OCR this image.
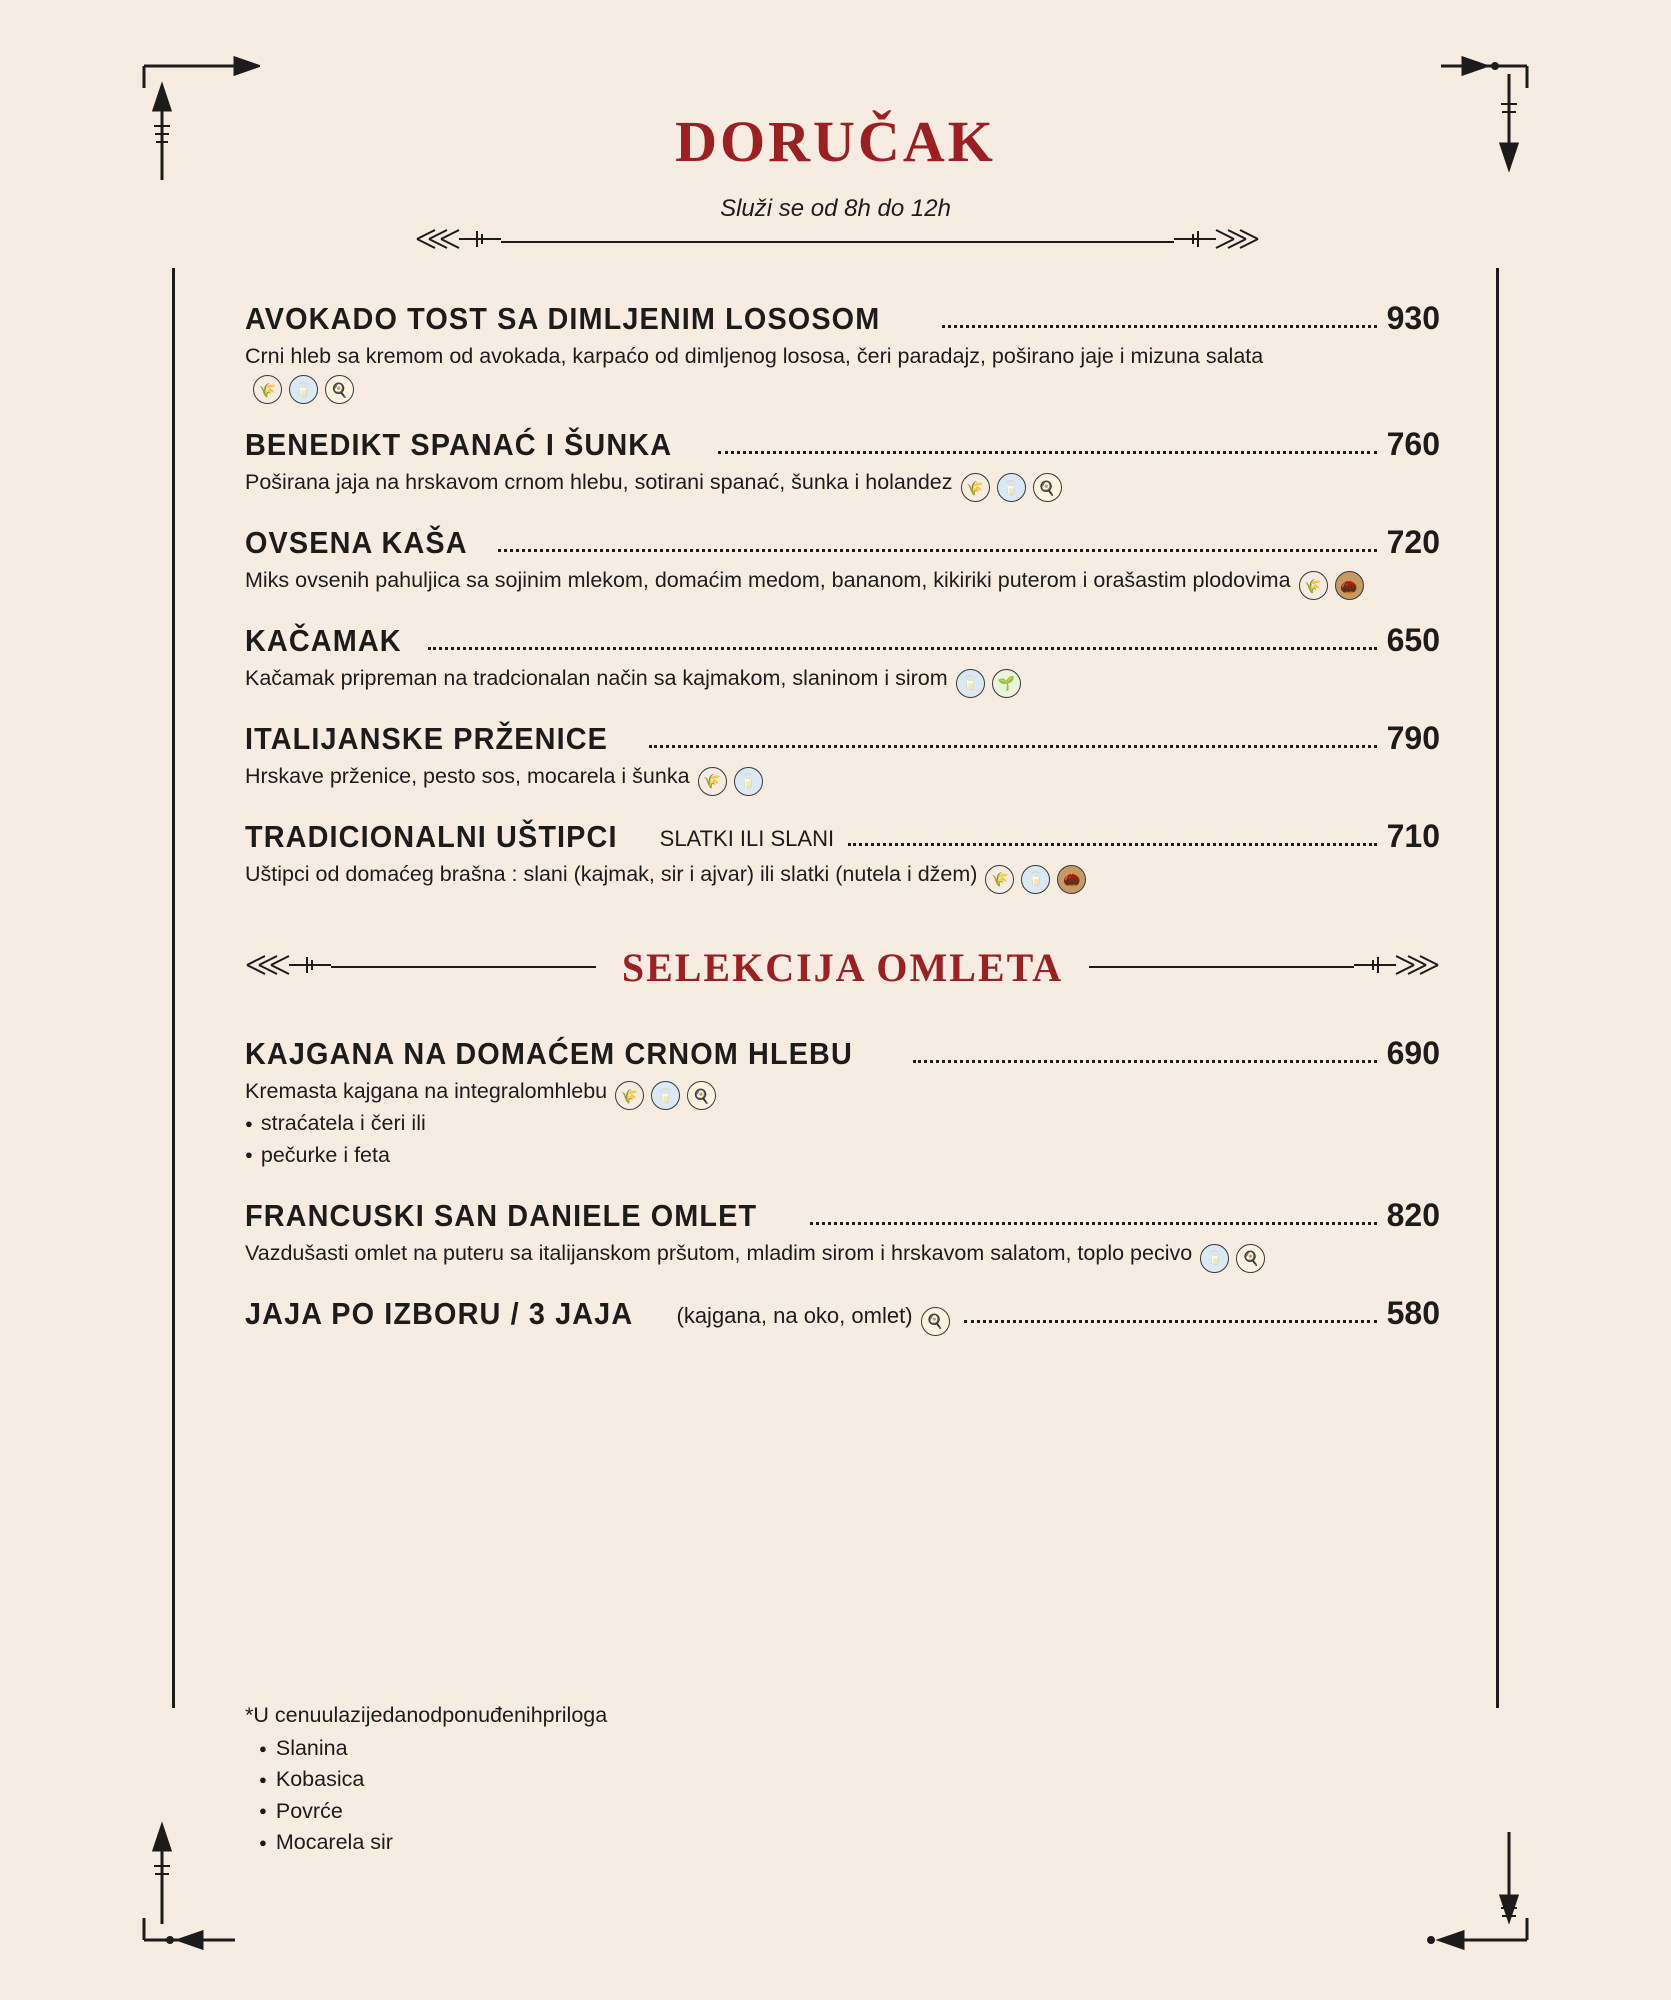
DORUČAK
Služi se od 8h do 12h
AVOKADO TOST SA DIMLJENIM LOSOSOM	930
Crni hleb sa kremom od avokada, karpaćo od dimljenog lososa, čeri paradajz, poširano jaje i mizuna salata
🌾	🥛	🍳
BENEDIKT SPANAĆ I ŠUNKA	760
Poširana jaja na hrskavom crnom hlebu, sotirani spanać, šunka i holandez 🌾	🥛	🍳
OVSENA KAŠA	720
Miks ovsenih pahuljica sa sojinim mlekom, domaćim medom, bananom, kikiriki puterom i orašastim plodovima 🌾	🌰
KAČAMAK	650
Kačamak pripreman na tradcionalan način sa kajmakom, slaninom i sirom 🥛	🌱
ITALIJANSKE PRŽENICE	790
Hrskave prženice, pesto sos, mocarela i šunka 🌾	🥛
TRADICIONALNI UŠTIPCI SLATKI ILI SLANI	710
Uštipci od domaćeg brašna : slani (kajmak, sir i ajvar) ili slatki (nutela i džem) 🌾	🥛	🌰
SELEKCIJA OMLETA
KAJGANA NA DOMAĆEM CRNOM HLEBU	690
Kremasta kajgana na integralomhlebu 🌾	🥛	🍳
● straćatela i čeri ili
● pečurke i feta
FRANCUSKI SAN DANIELE OMLET	820
Vazdušasti omlet na puteru sa italijanskom pršutom, mladim sirom i hrskavom salatom, toplo pecivo 🥛	🍳
JAJA PO IZBORU / 3 JAJA (kajgana, na oko, omlet) 🍳	580
*U cenuulazijedanodponuđenihpriloga
● Slanina
● Kobasica
● Povrće
● Mocarela sir
